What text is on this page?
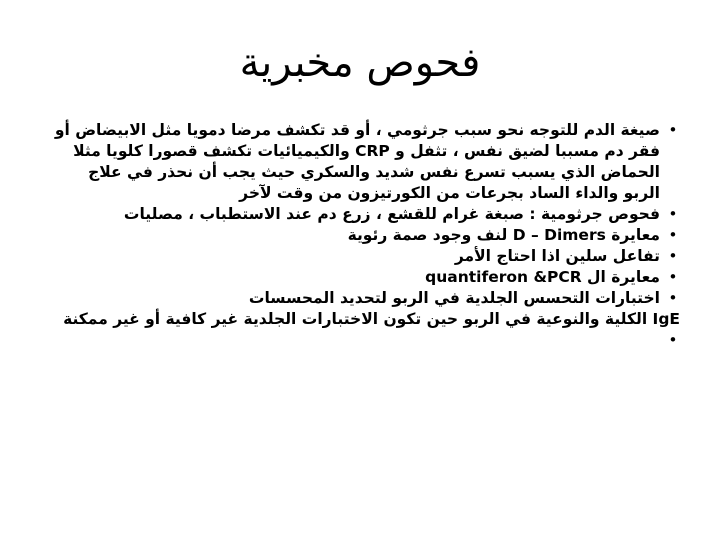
فحوص مخبرية
•
صيغة الدم للتوجه نحو سبب جرثومي ، أو قد تكشف مرضا دمويا مثل الابيضاض أو فقر دم مسببا لضيق نفس ، تثفل و CRP والكيميائيات تكشف قصورا كلويا مثلا الحماض الذي يسبب تسرع نفس شديد والسكري حيث يجب أن نحذر في علاج الربو والداء الساد بجرعات من الكورتيزون من وقت لآخر
•
فحوص جرثومية : صبغة غرام للقشع ، زرع دم عند الاستطباب ، مصليات
•
معايرة D – Dimers لنف وجود صمة رئوية
•
تفاعل سلين اذا احتاج الأمر
•
معايرة ال quantiferon &PCR
•
اختبارات التحسس الجلدية في الربو لتحديد المحسسات
IgE الكلية والنوعية في الربو حين تكون الاختبارات الجلدية غير كافية أو غير ممكنة •
